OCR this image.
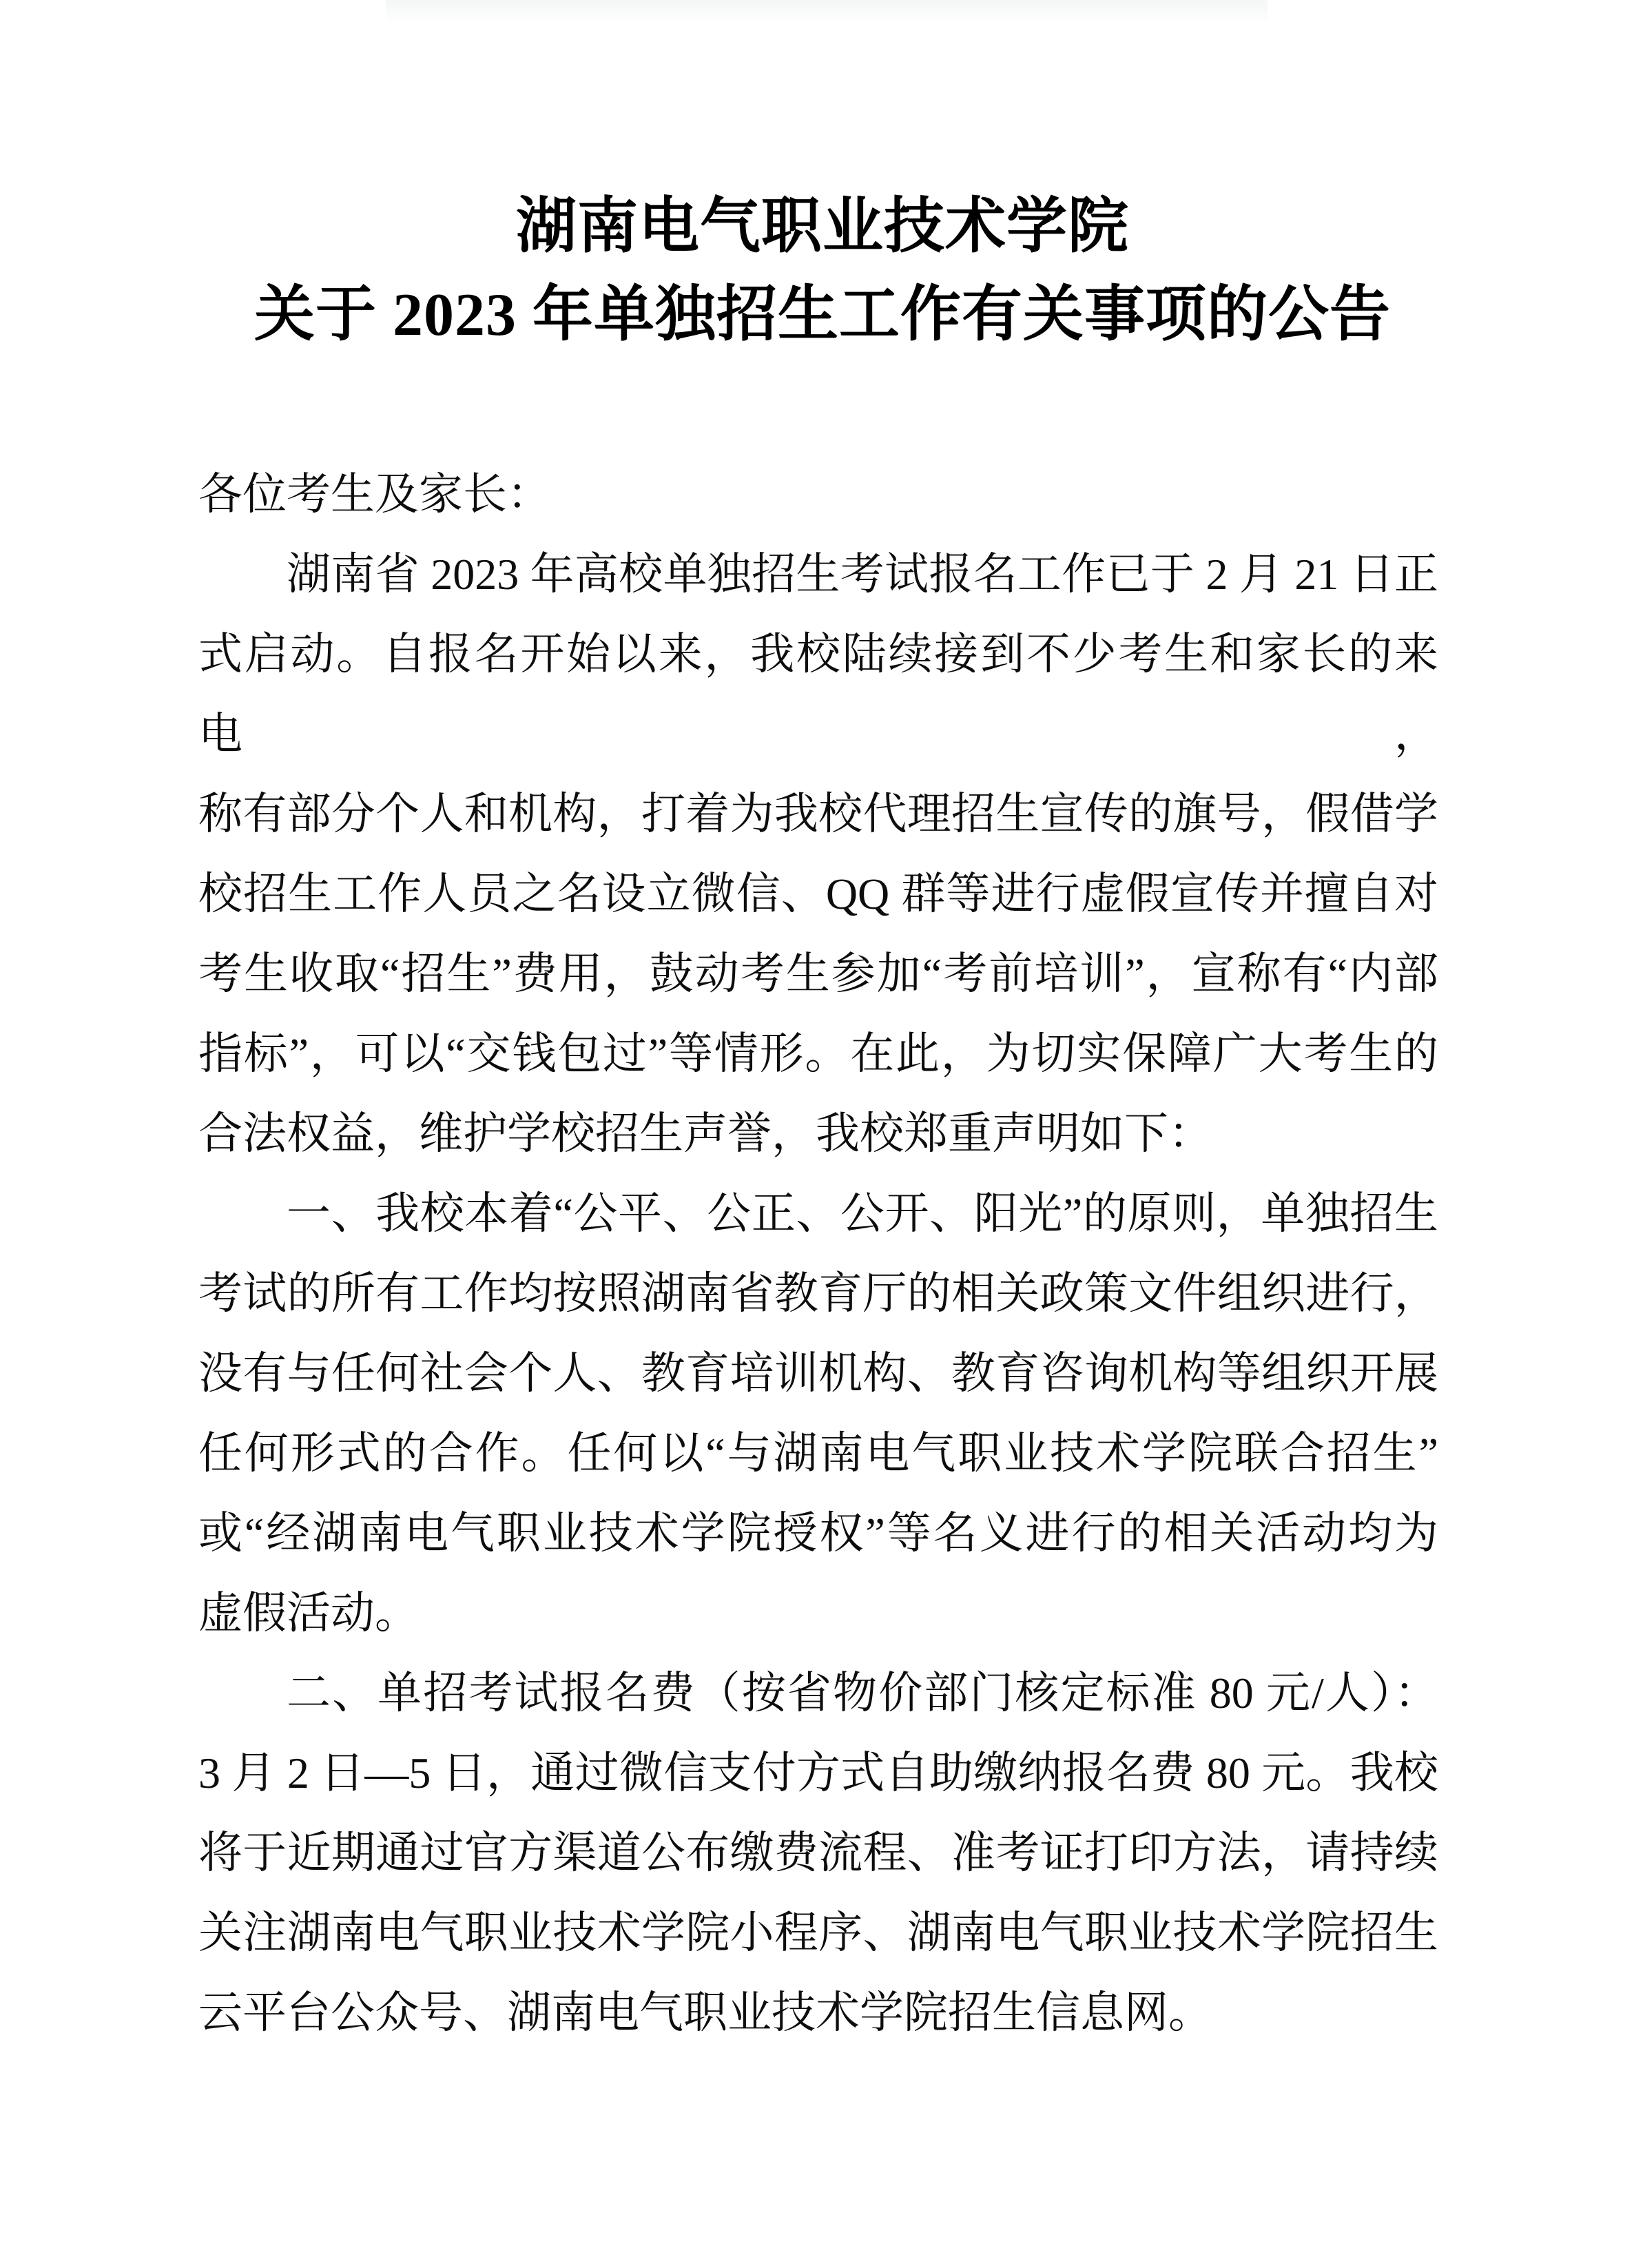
湖南电气职业技术学院
关于 2023 年单独招生工作有关事项的公告
各位考生及家长：
湖南省 2023 年高校单独招生考试报名工作已于 2 月 21 日正
式启动。自报名开始以来，我校陆续接到不少考生和家长的来电，
称有部分个人和机构，打着为我校代理招生宣传的旗号，假借学
校招生工作人员之名设立微信、QQ 群等进行虚假宣传并擅自对
考生收取“招生”费用，鼓动考生参加“考前培训”，宣称有“内部
指标”，可以“交钱包过”等情形。在此，为切实保障广大考生的
合法权益，维护学校招生声誉，我校郑重声明如下：
一、我校本着“公平、公正、公开、阳光”的原则，单独招生
考试的所有工作均按照湖南省教育厅的相关政策文件组织进行，
没有与任何社会个人、教育培训机构、教育咨询机构等组织开展
任何形式的合作。任何以“与湖南电气职业技术学院联合招生”
或“经湖南电气职业技术学院授权”等名义进行的相关活动均为
虚假活动。
二、单招考试报名费（按省物价部门核定标准 80 元/人）：
3 月 2 日—5 日，通过微信支付方式自助缴纳报名费 80 元。我校
将于近期通过官方渠道公布缴费流程、准考证打印方法，请持续
关注湖南电气职业技术学院小程序、湖南电气职业技术学院招生
云平台公众号、湖南电气职业技术学院招生信息网。
